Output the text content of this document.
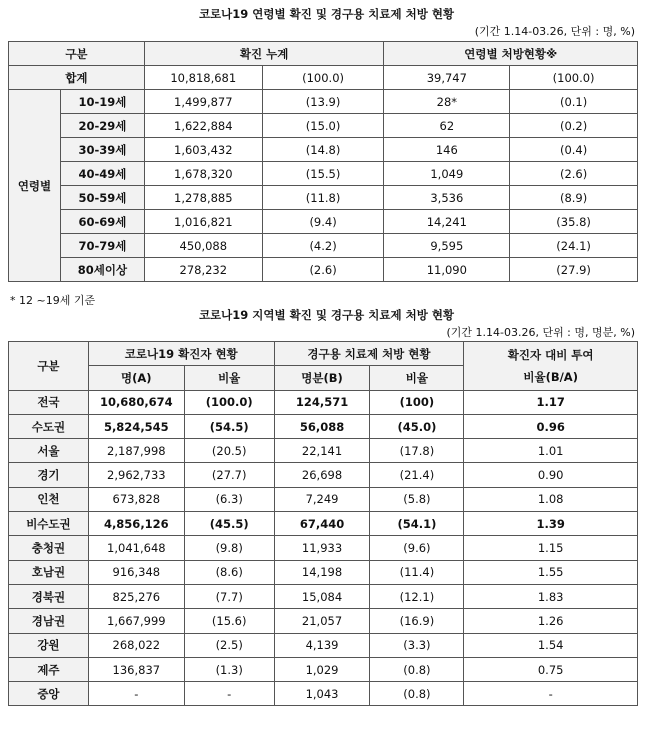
코로나19 연령별 확진 및 경구용 치료제 처방 현황
(기간 1.14-03.26, 단위 : 명, %)
구분		확진 누계		연령별 처방현황※	
합계		10,818,681	(100.0)	39,747	(100.0)
연령별	10-19세	1,499,877	(13.9)	28*	(0.1)
	20-29세	1,622,884	(15.0)	62	(0.2)
	30-39세	1,603,432	(14.8)	146	(0.4)
	40-49세	1,678,320	(15.5)	1,049	(2.6)
	50-59세	1,278,885	(11.8)	3,536	(8.9)
	60-69세	1,016,821	(9.4)	14,241	(35.8)
	70-79세	450,088	(4.2)	9,595	(24.1)
	80세이상	278,232	(2.6)	11,090	(27.9)
* 12 ~19세 기준
코로나19 지역별 확진 및 경구용 치료제 처방 현황
(기간 1.14-03.26, 단위 : 명, 명분, %)
구분	코로나19 확진자 현황		경구용 치료제 처방 현황		확진자 대비 투여
비율(B/A)

	명(A)	비율	명분(B)	비율	
전국	10,680,674	(100.0)	124,571	(100)	1.17
수도권	5,824,545	(54.5)	56,088	(45.0)	0.96
서울	2,187,998	(20.5)	22,141	(17.8)	1.01
경기	2,962,733	(27.7)	26,698	(21.4)	0.90
인천	673,828	(6.3)	7,249	(5.8)	1.08
비수도권	4,856,126	(45.5)	67,440	(54.1)	1.39
충청권	1,041,648	(9.8)	11,933	(9.6)	1.15
호남권	916,348	(8.6)	14,198	(11.4)	1.55
경북권	825,276	(7.7)	15,084	(12.1)	1.83
경남권	1,667,999	(15.6)	21,057	(16.9)	1.26
강원	268,022	(2.5)	4,139	(3.3)	1.54
제주	136,837	(1.3)	1,029	(0.8)	0.75
중앙	-	-	1,043	(0.8)	-
